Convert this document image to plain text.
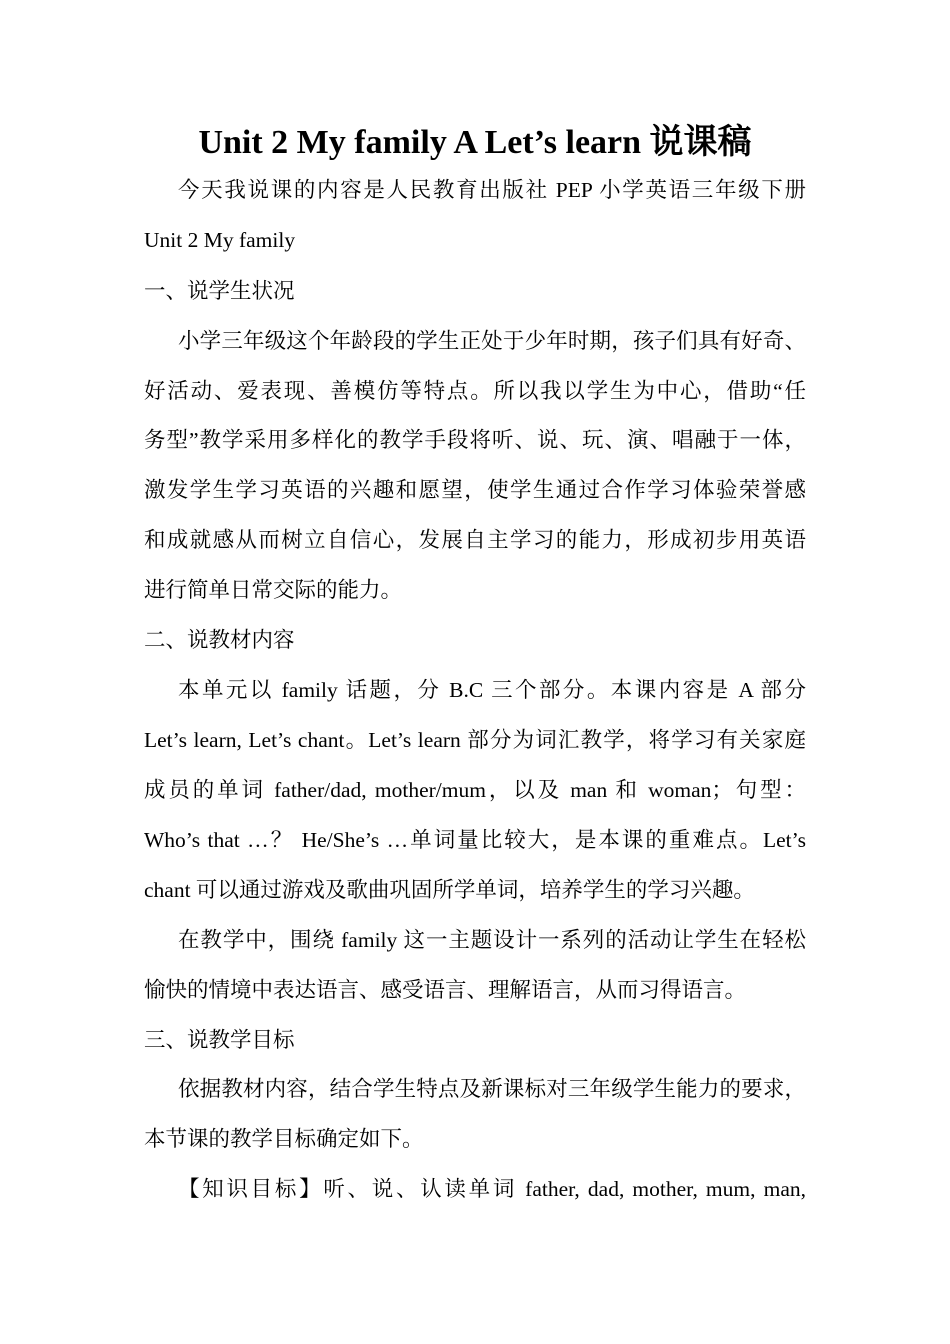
Unit 2 My family A Let’s learn 说课稿
今天我说课的内容是人民教育出版社 PEP 小学英语三年级下册
Unit 2 My family
一、说学生状况
小学三年级这个年龄段的学生正处于少年时期，孩子们具有好奇、
好活动、爱表现、善模仿等特点。所以我以学生为中心，借助“任
务型”教学采用多样化的教学手段将听、说、玩、演、唱融于一体，
激发学生学习英语的兴趣和愿望，使学生通过合作学习体验荣誉感
和成就感从而树立自信心，发展自主学习的能力，形成初步用英语
进行简单日常交际的能力。
二、说教材内容
本单元以 family 话题，分 B.C 三个部分。本课内容是 A 部分
Let’s learn, Let’s chant。Let’s learn 部分为词汇教学，将学习有关家庭
成员的单词 father/dad, mother/mum，以及 man 和 woman；句型：
Who’s that …？ He/She’s …单词量比较大，是本课的重难点。Let’s
chant 可以通过游戏及歌曲巩固所学单词，培养学生的学习兴趣。
在教学中，围绕 family 这一主题设计一系列的活动让学生在轻松
愉快的情境中表达语言、感受语言、理解语言，从而习得语言。
三、说教学目标
依据教材内容，结合学生特点及新课标对三年级学生能力的要求，
本节课的教学目标确定如下。
【知识目标】听、说、认读单词 father, dad, mother, mum, man,
